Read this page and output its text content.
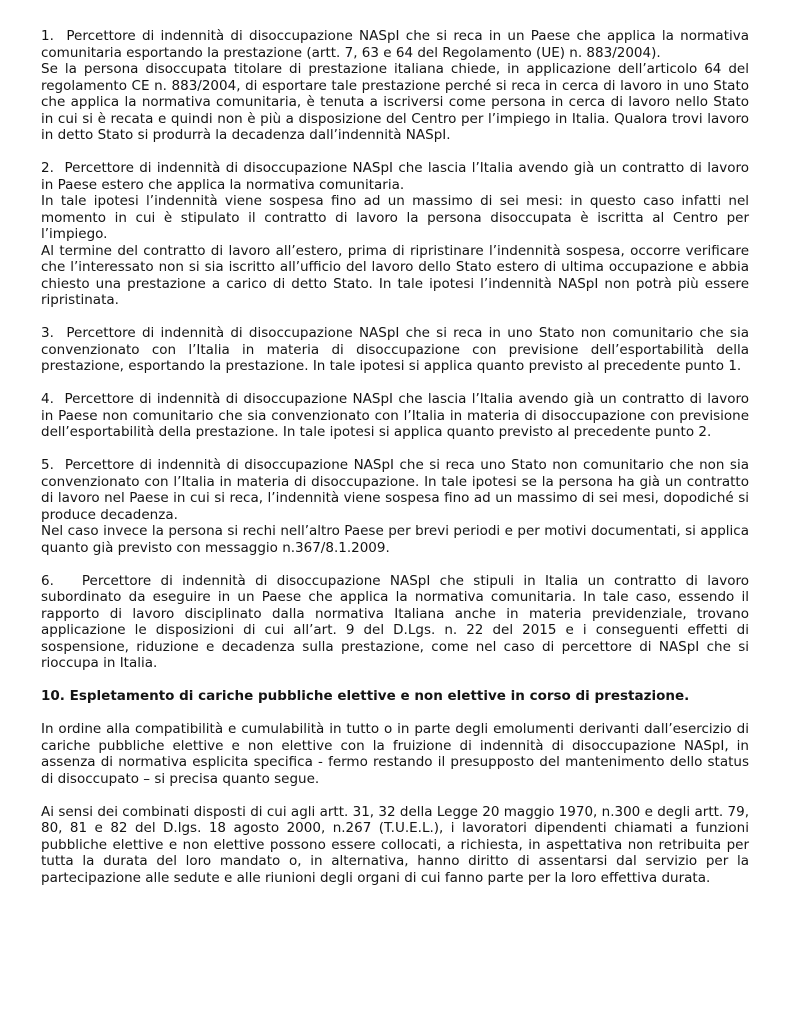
1.  Percettore di indennità di disoccupazione NASpI che si reca in un Paese che applica la normativa comunitaria esportando la prestazione (artt. 7, 63 e 64 del Regolamento (UE) n. 883/2004).

Se la persona disoccupata titolare di prestazione italiana chiede, in applicazione dell’articolo 64 del regolamento CE n. 883/2004, di esportare tale prestazione perché si reca in cerca di lavoro in uno Stato che applica la normativa comunitaria, è tenuta a iscriversi come persona in cerca di lavoro nello Stato in cui si è recata e quindi non è più a disposizione del Centro per l’impiego in Italia. Qualora trovi lavoro in detto Stato si produrrà la decadenza dall’indennità NASpI.

2.  Percettore di indennità di disoccupazione NASpI che lascia l’Italia avendo già un contratto di lavoro in Paese estero che applica la normativa comunitaria.

In tale ipotesi l’indennità viene sospesa fino ad un massimo di sei mesi: in questo caso infatti nel momento in cui è stipulato il contratto di lavoro la persona disoccupata è iscritta al Centro per l’impiego.

Al termine del contratto di lavoro all’estero, prima di ripristinare l’indennità sospesa, occorre verificare che l’interessato non si sia iscritto all’ufficio del lavoro dello Stato estero di ultima occupazione e abbia chiesto una prestazione a carico di detto Stato. In tale ipotesi l’indennità NASpI non potrà più essere ripristinata.

3.  Percettore di indennità di disoccupazione NASpI che si reca in uno Stato non comunitario che sia convenzionato con l’Italia in materia di disoccupazione con previsione dell’esportabilità della prestazione, esportando la prestazione. In tale ipotesi si applica quanto previsto al precedente punto 1.

4.  Percettore di indennità di disoccupazione NASpI che lascia l’Italia avendo già un contratto di lavoro in Paese non comunitario che sia convenzionato con l’Italia in materia di disoccupazione con previsione dell’esportabilità della prestazione. In tale ipotesi si applica quanto previsto al precedente punto 2.

5.  Percettore di indennità di disoccupazione NASpI che si reca uno Stato non comunitario che non sia convenzionato con l’Italia in materia di disoccupazione. In tale ipotesi se la persona ha già un contratto di lavoro nel Paese in cui si reca, l’indennità viene sospesa fino ad un massimo di sei mesi, dopodiché si produce decadenza.

Nel caso invece la persona si rechi nell’altro Paese per brevi periodi e per motivi documentati, si applica quanto già previsto con messaggio n.367/8.1.2009.

6.   Percettore di indennità di disoccupazione NASpI che stipuli in Italia un contratto di lavoro subordinato da eseguire in un Paese che applica la normativa comunitaria. In tale caso, essendo il rapporto di lavoro disciplinato dalla normativa Italiana anche in materia previdenziale, trovano applicazione le disposizioni di cui all’art. 9 del D.Lgs. n. 22 del 2015 e i conseguenti effetti di sospensione, riduzione e decadenza sulla prestazione, come nel caso di percettore di NASpI che si rioccupa in Italia.

10. Espletamento di cariche pubbliche elettive e non elettive in corso di prestazione.

In ordine alla compatibilità e cumulabilità in tutto o in parte degli emolumenti derivanti dall’esercizio di cariche pubbliche elettive e non elettive con la fruizione di indennità di disoccupazione NASpI, in assenza di normativa esplicita specifica - fermo restando il presupposto del mantenimento dello status di disoccupato – si precisa quanto segue.

Ai sensi dei combinati disposti di cui agli artt. 31, 32 della Legge 20 maggio 1970, n.300 e degli artt. 79, 80, 81 e 82 del D.lgs. 18 agosto 2000, n.267 (T.U.E.L.), i lavoratori dipendenti chiamati a funzioni pubbliche elettive e non elettive possono essere collocati, a richiesta, in aspettativa non retribuita per tutta la durata del loro mandato o, in alternativa, hanno diritto di assentarsi dal servizio per la partecipazione alle sedute e alle riunioni degli organi di cui fanno parte per la loro effettiva durata.
